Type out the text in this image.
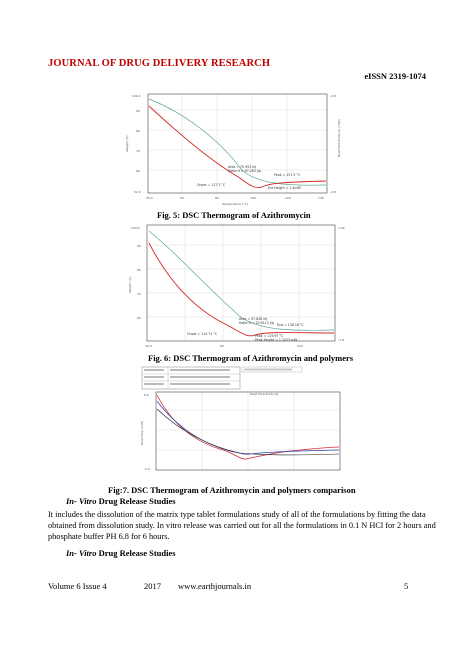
JOURNAL OF DRUG DELIVERY RESEARCH
eISSN 2319-1074
100.4
90
80
70
60
52.0
-0.8
-2.8
30.0	60	80	100	120	140
Temperature (°C)
Weight (%)	Heat Flow Endo Up (mW)
Area = 75.953 mJ
Delta H = 67.263 J/g
Onset = 117.3 °C
Peak = 131.3 °C
Ext Height = 2.4mW
Fig. 5: DSC Thermogram of Azithromycin
100.4
90
80
70
60
1.02
-1.8
30.0	80	120
Weight (%)
Area = 97.838 mJ
Delta H = 20.9113 J/g
Onset = 114.71 °C
End = 136.18 °C
Peak = 119.97 °C
Peak Height = 1.2033 mW
Fig. 6: DSC Thermogram of Azithromycin and polymers
8.0
-2.0
Heat Flow Endo Up
Heat Flow (mW)
Fig:7. DSC Thermogram of Azithromycin and polymers comparison
In- Vitro Drug Release Studies
It includes the dissolution of the matrix type tablet formulations study of all of the formulations by fitting the data obtained from dissolution study. In vitro release was carried out for all the formulations in 0.1 N HCl for 2 hours and phosphate buffer PH 6.8 for 6 hours.
In- Vitro Drug Release Studies
Volume 6 Issue 4	2017 www.earthjournals.in	5
